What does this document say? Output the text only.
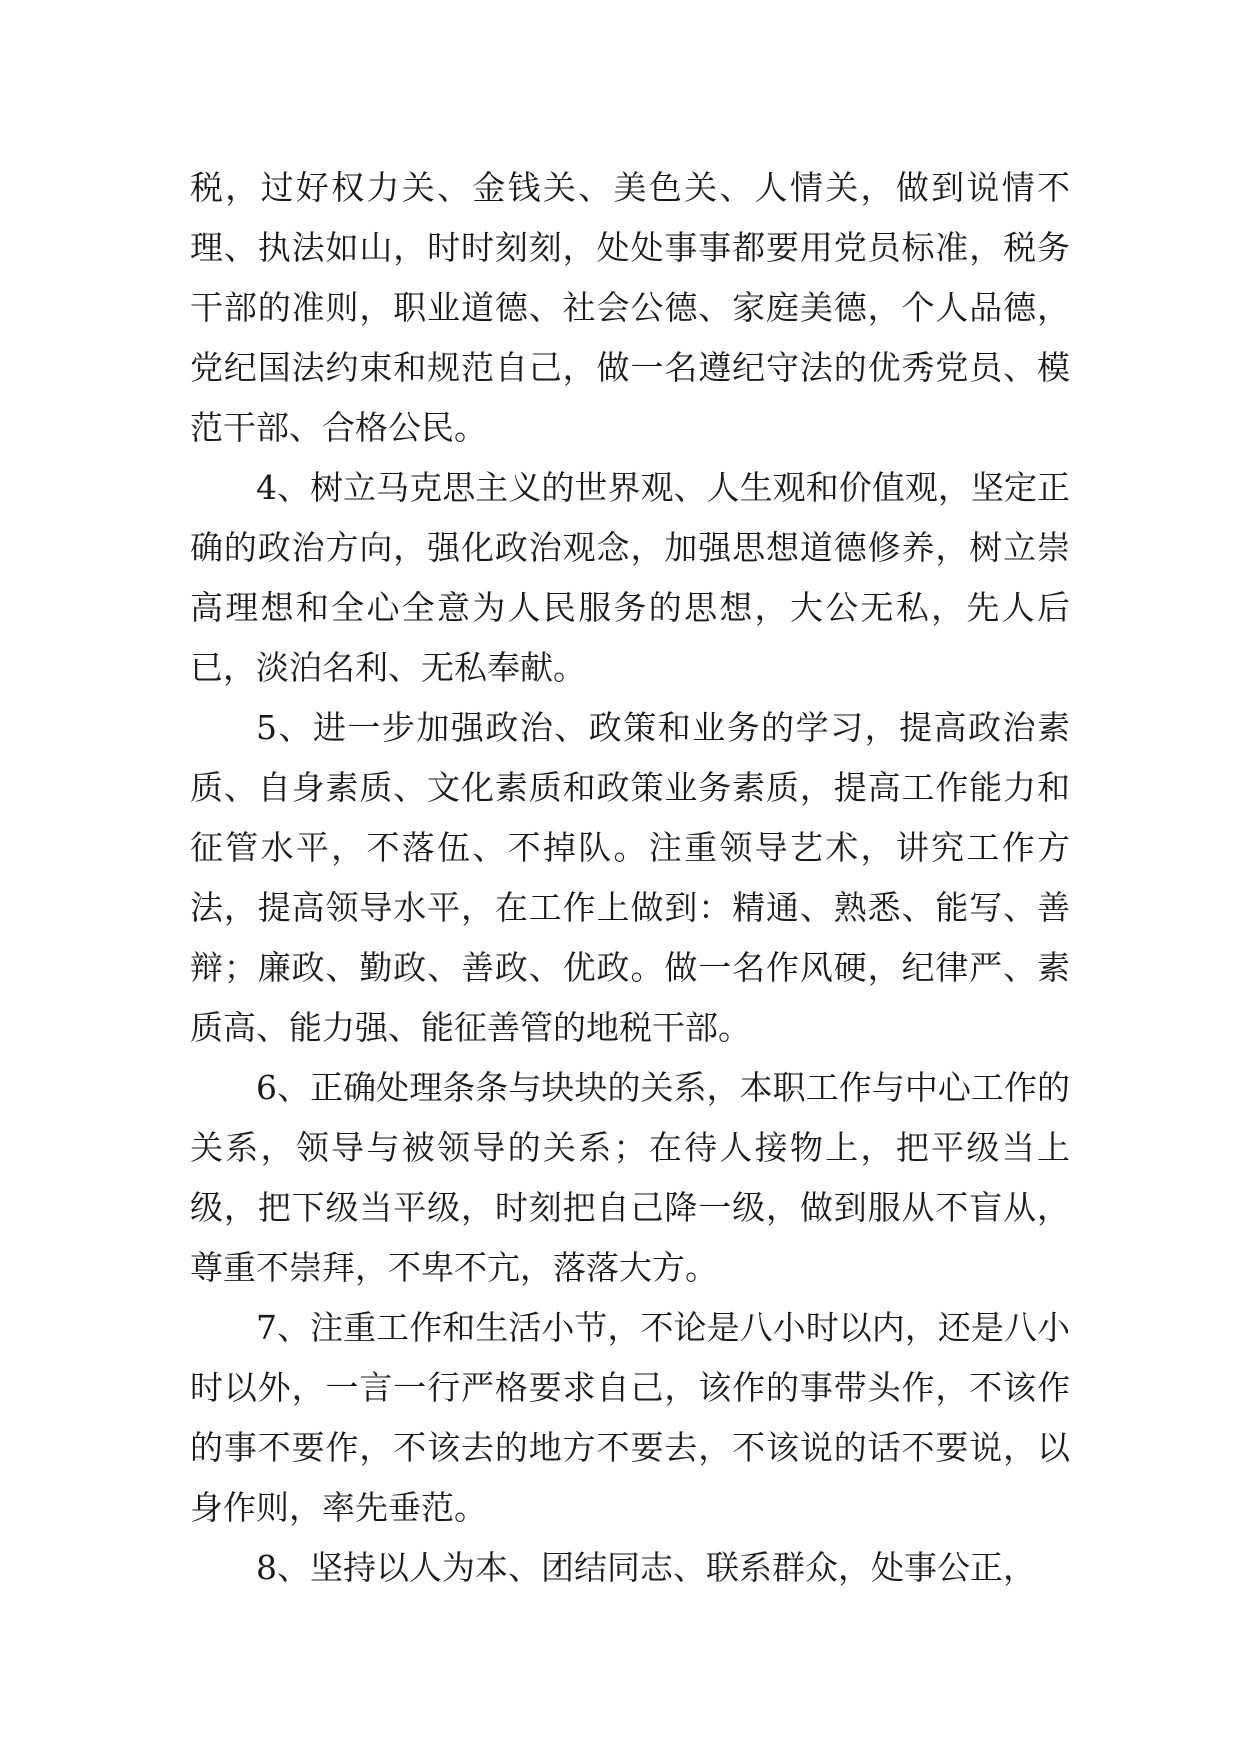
税，过好权力关、金钱关、美色关、人情关，做到说情不理、执法如山，时时刻刻，处处事事都要用党员标准，税务干部的准则，职业道德、社会公德、家庭美德，个人品德，党纪国法约束和规范自己，做一名遵纪守法的优秀党员、模范干部、合格公民。

4、树立马克思主义的世界观、人生观和价值观，坚定正确的政治方向，强化政治观念，加强思想道德修养，树立崇高理想和全心全意为人民服务的思想，大公无私，先人后已，淡泊名利、无私奉献。

5、进一步加强政治、政策和业务的学习，提高政治素质、自身素质、文化素质和政策业务素质，提高工作能力和征管水平，不落伍、不掉队。注重领导艺术，讲究工作方法，提高领导水平，在工作上做到：精通、熟悉、能写、善辩；廉政、勤政、善政、优政。做一名作风硬，纪律严、素质高、能力强、能征善管的地税干部。

6、正确处理条条与块块的关系，本职工作与中心工作的关系，领导与被领导的关系；在待人接物上，把平级当上级，把下级当平级，时刻把自己降一级，做到服从不盲从，尊重不崇拜，不卑不亢，落落大方。

7、注重工作和生活小节，不论是八小时以内，还是八小时以外，一言一行严格要求自己，该作的事带头作，不该作的事不要作，不该去的地方不要去，不该说的话不要说，以身作则，率先垂范。

8、坚持以人为本、团结同志、联系群众，处事公正，
